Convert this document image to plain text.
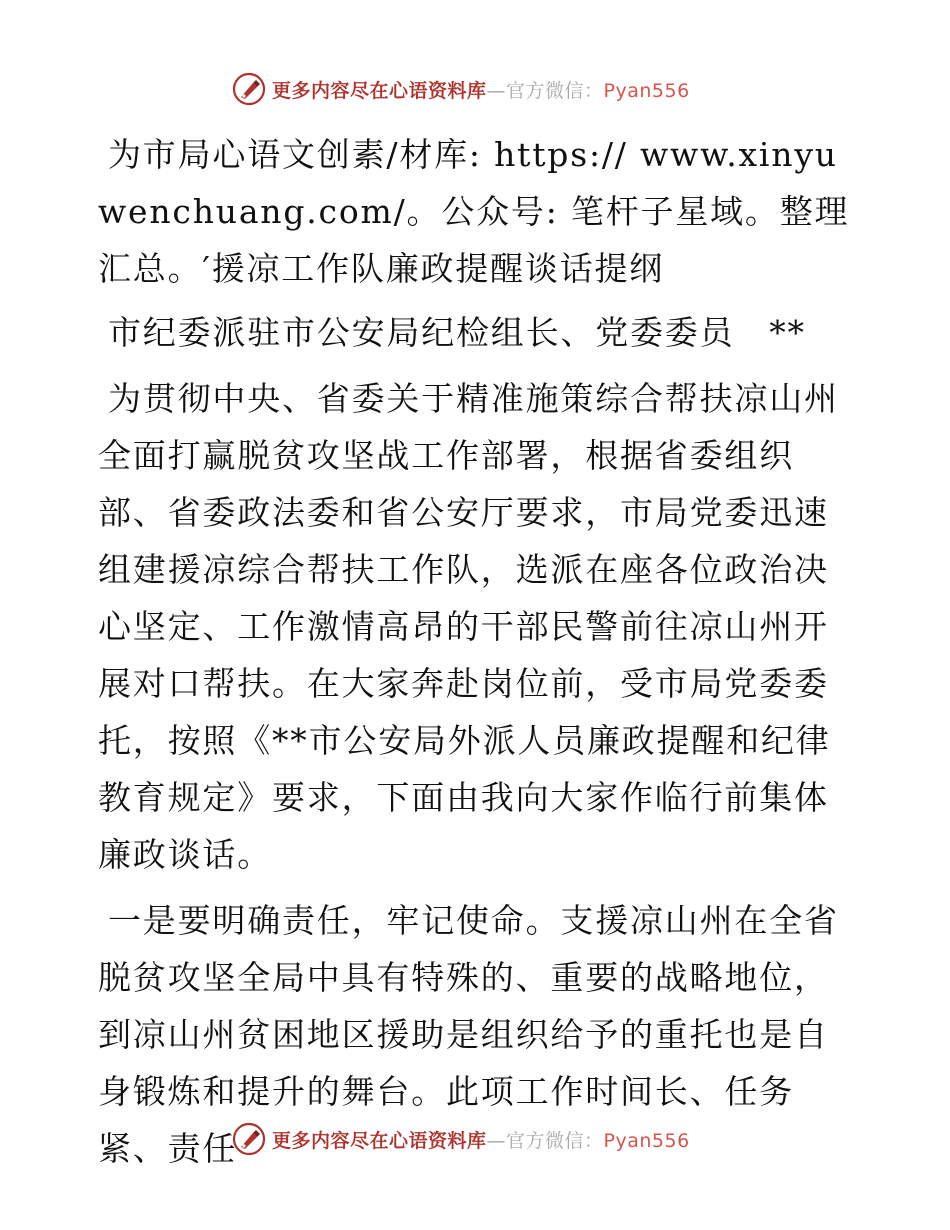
更多内容尽在心语资料库—官方微信：Pyan556

为市局心语文创素/材库: https:// www.xinyuwenchuang.com/。公众号: 笔杆子星域。整理汇总。′援凉工作队廉政提醒谈话提纲

市纪委派驻市公安局纪检组长、党委委员　**

为贯彻中央、省委关于精准施策综合帮扶凉山州全面打赢脱贫攻坚战工作部署，根据省委组织部、省委政法委和省公安厅要求，市局党委迅速组建援凉综合帮扶工作队，选派在座各位政治决心坚定、工作激情高昂的干部民警前往凉山州开展对口帮扶。在大家奔赴岗位前，受市局党委委托，按照《**市公安局外派人员廉政提醒和纪律教育规定》要求，下面由我向大家作临行前集体廉政谈话。

一是要明确责任，牢记使命。支援凉山州在全省脱贫攻坚全局中具有特殊的、重要的战略地位，到凉山州贫困地区援助是组织给予的重托也是自身锻炼和提升的舞台。此项工作时间长、任务紧、责任	更多内容尽在心语资料库—官方微信：Pyan556
